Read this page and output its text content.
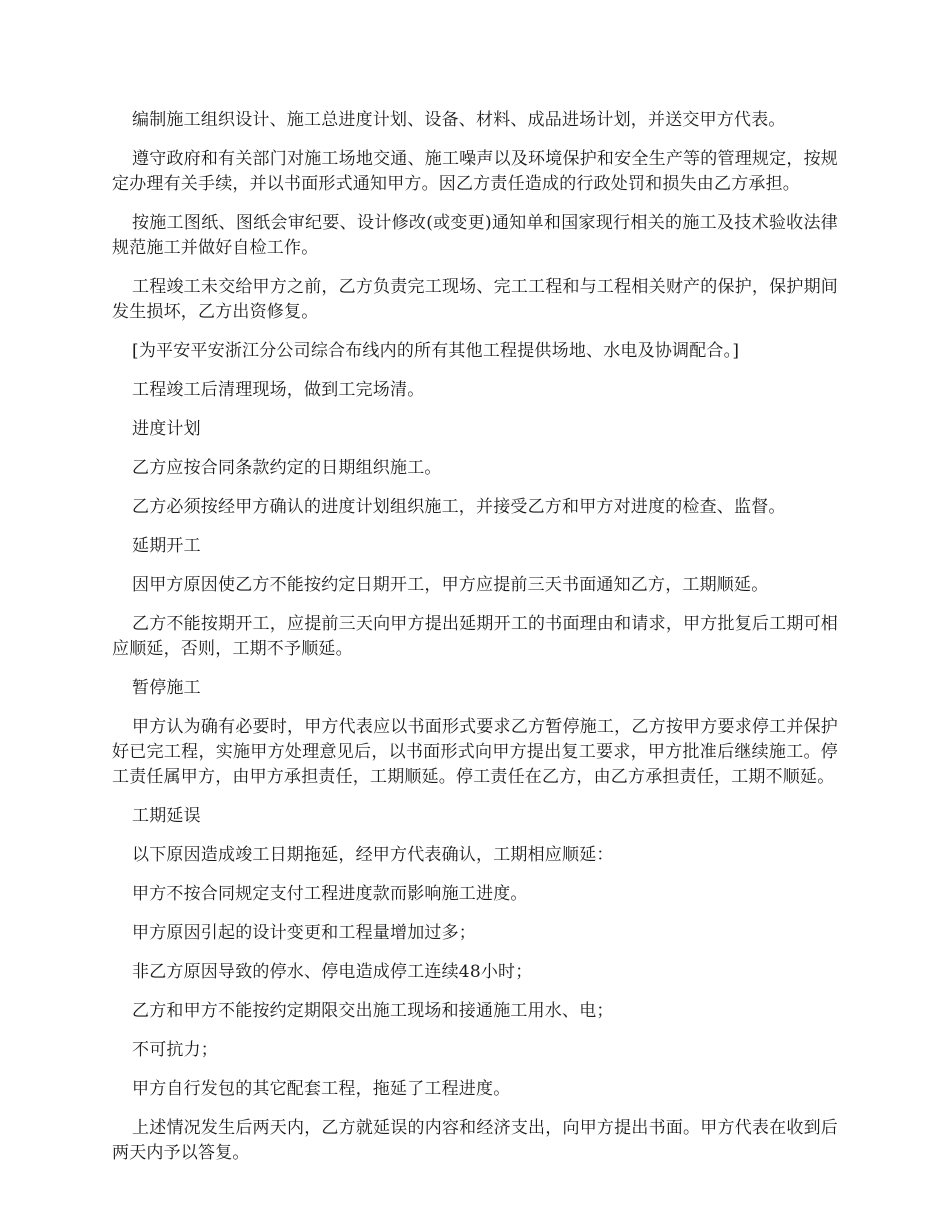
编制施工组织设计、施工总进度计划、设备、材料、成品进场计划，并送交甲方代表。

遵守政府和有关部门对施工场地交通、施工噪声以及环境保护和安全生产等的管理规定，按规定办理有关手续，并以书面形式通知甲方。因乙方责任造成的行政处罚和损失由乙方承担。

按施工图纸、图纸会审纪要、设计修改(或变更)通知单和国家现行相关的施工及技术验收法律规范施工并做好自检工作。

工程竣工未交给甲方之前，乙方负责完工现场、完工工程和与工程相关财产的保护，保护期间发生损坏，乙方出资修复。

[为平安平安浙江分公司综合布线内的所有其他工程提供场地、水电及协调配合。]

工程竣工后清理现场，做到工完场清。

进度计划

乙方应按合同条款约定的日期组织施工。

乙方必须按经甲方确认的进度计划组织施工，并接受乙方和甲方对进度的检查、监督。

延期开工

因甲方原因使乙方不能按约定日期开工，甲方应提前三天书面通知乙方，工期顺延。

乙方不能按期开工，应提前三天向甲方提出延期开工的书面理由和请求，甲方批复后工期可相应顺延，否则，工期不予顺延。

暂停施工

甲方认为确有必要时，甲方代表应以书面形式要求乙方暂停施工，乙方按甲方要求停工并保护好已完工程，实施甲方处理意见后，以书面形式向甲方提出复工要求，甲方批准后继续施工。停工责任属甲方，由甲方承担责任，工期顺延。停工责任在乙方，由乙方承担责任，工期不顺延。

工期延误

以下原因造成竣工日期拖延，经甲方代表确认，工期相应顺延：

甲方不按合同规定支付工程进度款而影响施工进度。

甲方原因引起的设计变更和工程量增加过多；

非乙方原因导致的停水、停电造成停工连续48小时；

乙方和甲方不能按约定期限交出施工现场和接通施工用水、电；

不可抗力；

甲方自行发包的其它配套工程，拖延了工程进度。

上述情况发生后两天内，乙方就延误的内容和经济支出，向甲方提出书面。甲方代表在收到后两天内予以答复。
